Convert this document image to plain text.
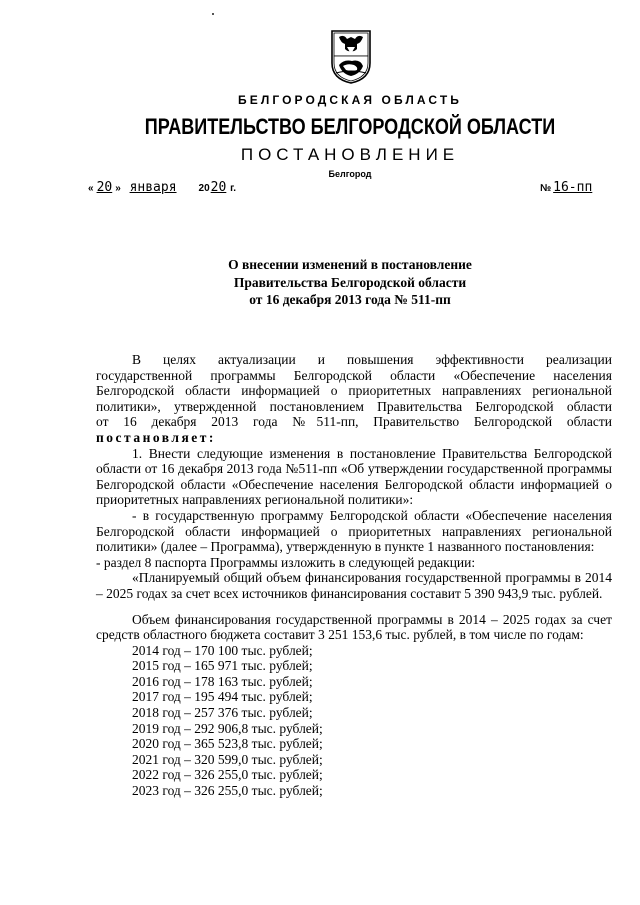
БЕЛГОРОДСКАЯ ОБЛАСТЬ
ПРАВИТЕЛЬСТВО БЕЛГОРОДСКОЙ ОБЛАСТИ
ПОСТАНОВЛЕНИЕ
Белгород
« 20 » января 2020 г.	№ 16-пп
О внесении изменений в постановление
Правительства Белгородской области
от 16 декабря 2013 года № 511-пп

В целях актуализации и повышения эффективности реализации

государственной программы Белгородской области «Обеспечение населения

Белгородской области информацией о приоритетных направлениях региональной

политики», утвержденной постановлением Правительства Белгородской области

от 16 декабря 2013 года №511-пп, Правительство Белгородской области

постановляет:

1. Внести следующие изменения в постановление Правительства Белгородской области от 16 декабря 2013 года №511-пп «Об утверждении государственной программы Белгородской области «Обеспечение населения Белгородской области информацией о приоритетных направлениях региональной политики»:

- в государственную программу Белгородской области «Обеспечение населения Белгородской области информацией о приоритетных направлениях региональной политики» (далее – Программа), утвержденную в пункте 1 названного постановления:

- раздел 8 паспорта Программы изложить в следующей редакции:

«Планируемый общий объем финансирования государственной программы в 2014 – 2025 годах за счет всех источников финансирования составит 5 390 943,9 тыс. рублей.

Объем финансирования государственной программы в 2014 – 2025 годах за счет средств областного бюджета составит 3 251 153,6 тыс. рублей, в том числе по годам:

2014 год – 170 100 тыс. рублей;
2015 год – 165 971 тыс. рублей;
2016 год – 178 163 тыс. рублей;
2017 год – 195 494 тыс. рублей;
2018 год – 257 376 тыс. рублей;
2019 год – 292 906,8 тыс. рублей;
2020 год – 365 523,8 тыс. рублей;
2021 год – 320 599,0 тыс. рублей;
2022 год – 326 255,0 тыс. рублей;
2023 год – 326 255,0 тыс. рублей;
